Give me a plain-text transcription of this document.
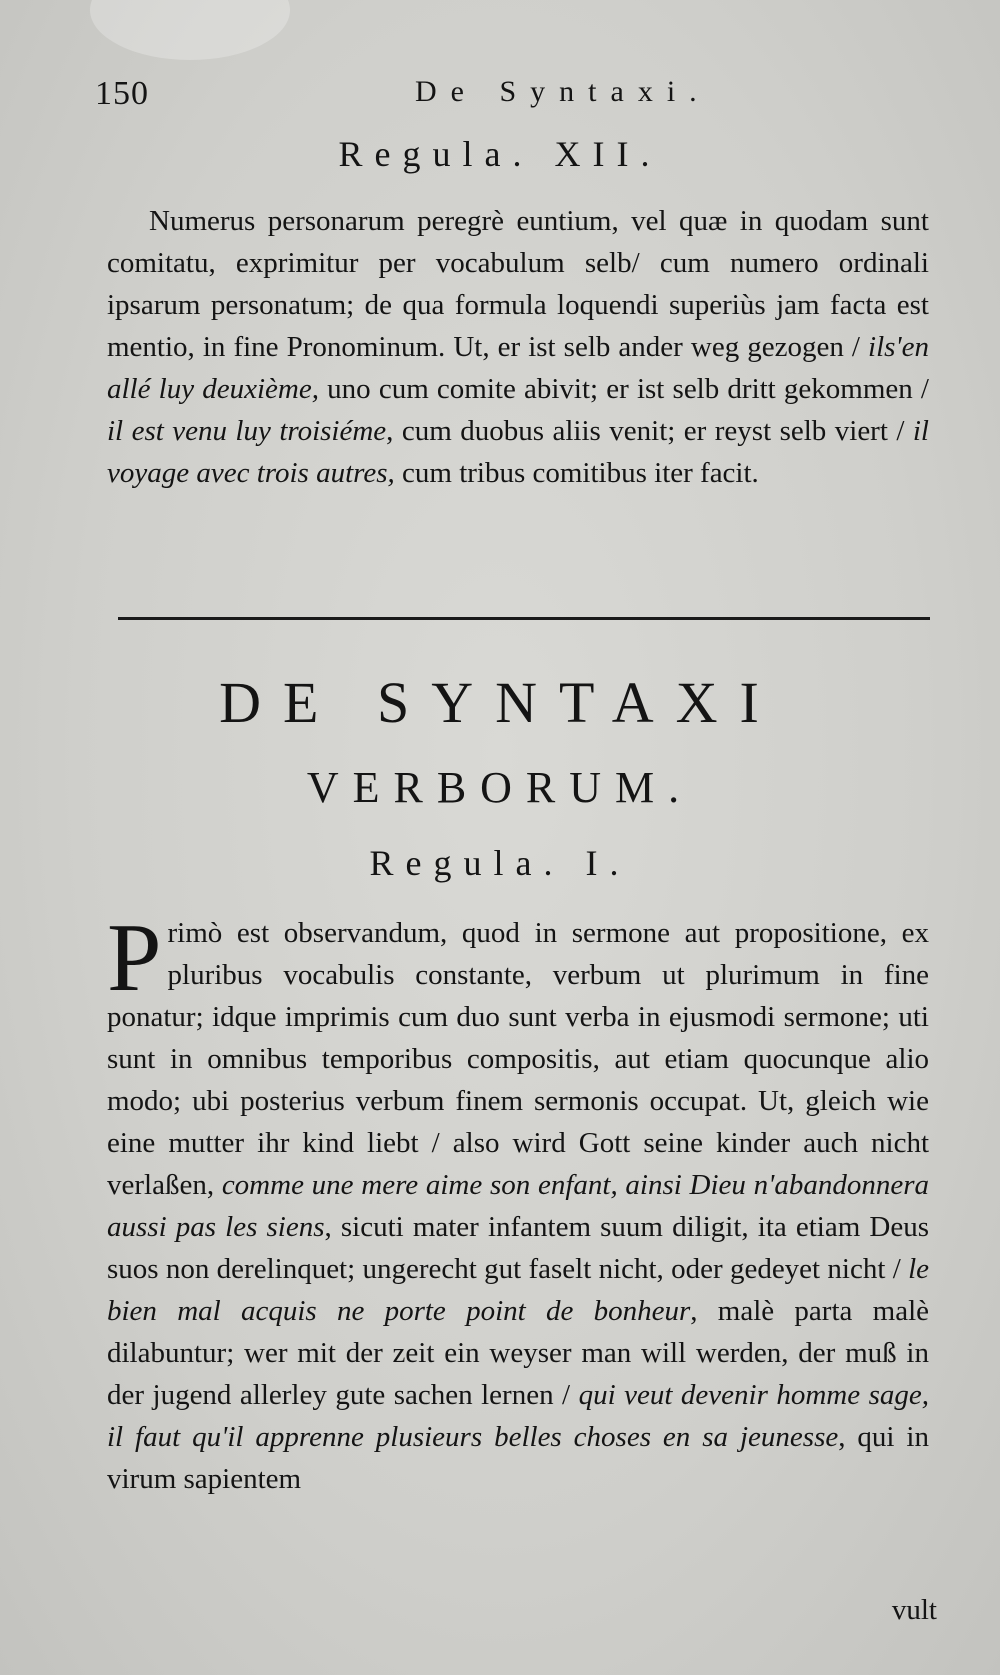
150	De Syntaxi.
Regula. XII.
Numerus personarum peregrè euntium, vel quæ in quodam sunt comitatu, exprimitur per vocabulum selb/ cum numero ordinali ipsarum personatum; de qua formula loquendi superiùs jam facta est mentio, in fine Pronominum. Ut, er ist selb ander weg gezogen / ils'en allé luy deuxième, uno cum comite abivit; er ist selb dritt gekommen / il est venu luy troisiéme, cum duobus aliis venit; er reyst selb viert / il voyage avec trois autres, cum tribus comitibus iter facit.
DE SYNTAXI
VERBORUM.
Regula. I.
Primò est observandum, quod in sermone aut propositione, ex pluribus vocabulis constante, verbum ut plurimum in fine ponatur; idque imprimis cum duo sunt verba in ejusmodi sermone; uti sunt in omnibus temporibus compositis, aut etiam quocunque alio modo; ubi posterius verbum finem sermonis occupat. Ut, gleich wie eine mutter ihr kind liebt / also wird Gott seine kinder auch nicht verlaßen, comme une mere aime son enfant, ainsi Dieu n'abandonnera aussi pas les siens, sicuti mater infantem suum diligit, ita etiam Deus suos non derelinquet; ungerecht gut faselt nicht, oder gedeyet nicht / le bien mal acquis ne porte point de bonheur, malè parta malè dilabuntur; wer mit der zeit ein weyser man will werden, der muß in der jugend allerley gute sachen lernen / qui veut devenir homme sage, il faut qu'il apprenne plusieurs belles choses en sa jeunesse, qui in virum sapientem
vult
